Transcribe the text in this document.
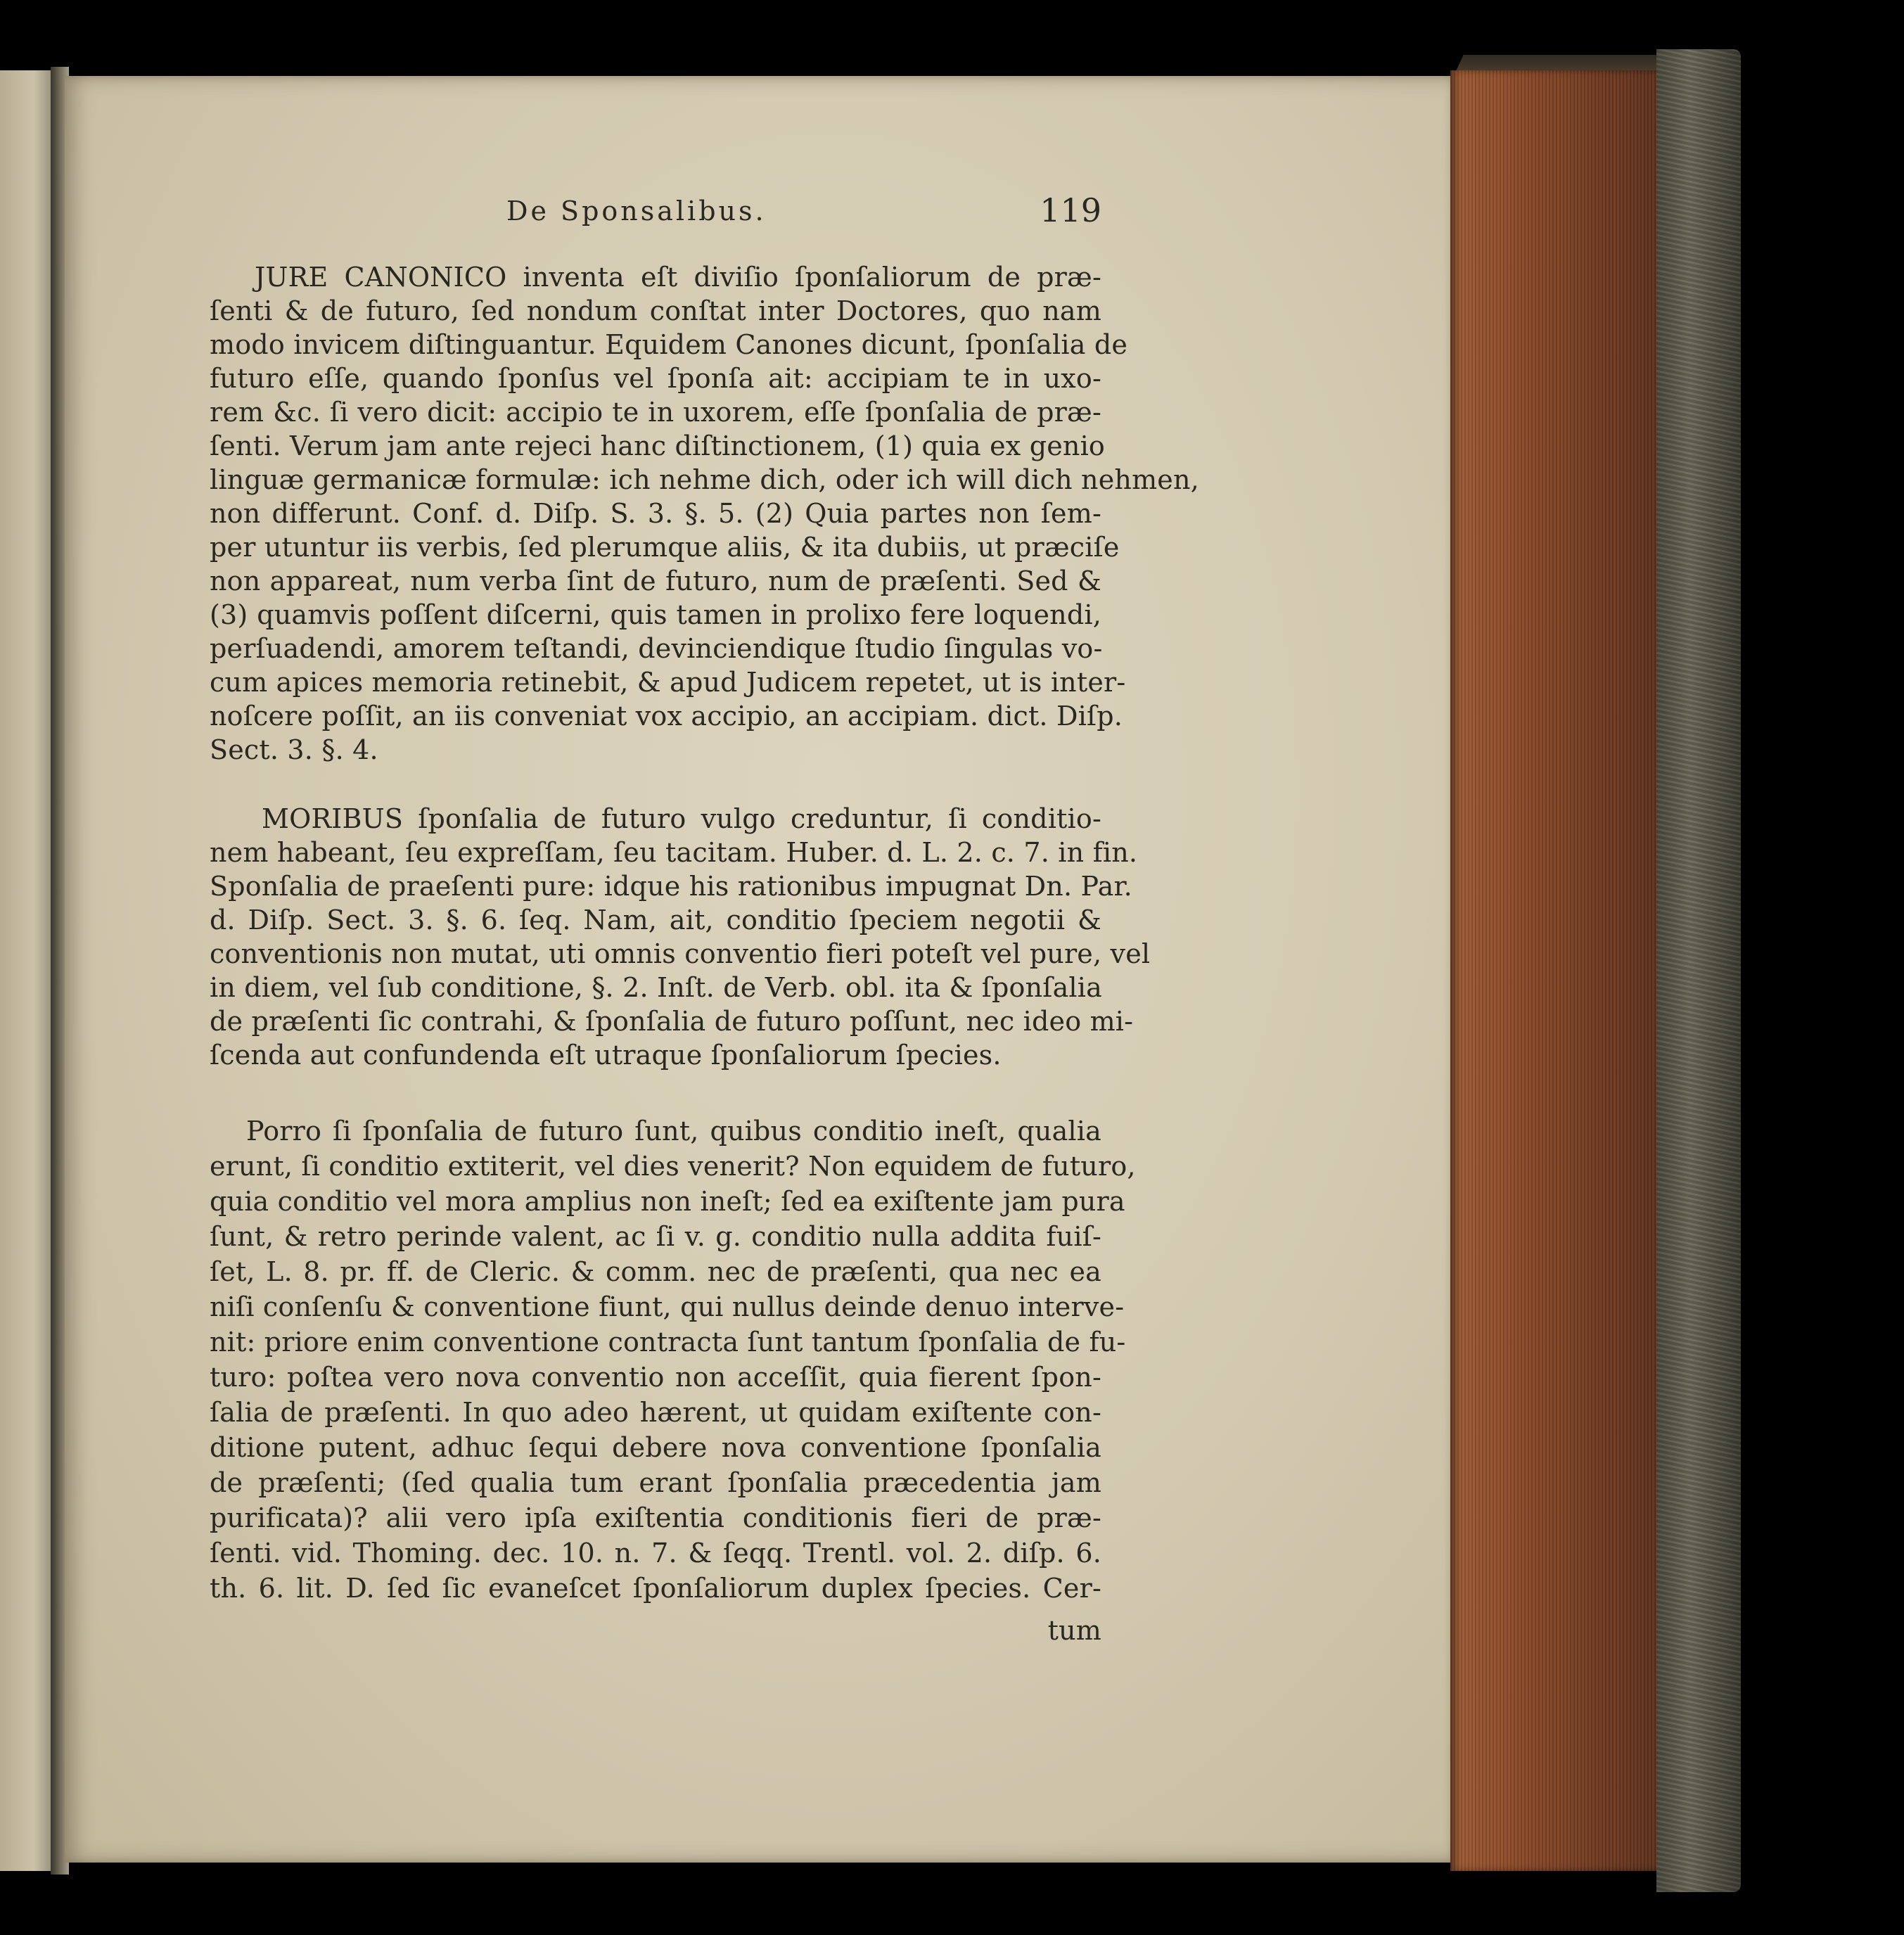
De Sponsalibus.	119
JURE CANONICO inventa eſt diviſio ſponſaliorum de præ-
ſenti & de futuro, ſed nondum conſtat inter Doctores, quo nam
modo invicem diſtinguantur. Equidem Canones dicunt, ſponſalia de
futuro eſſe, quando ſponſus vel ſponſa ait: accipiam te in uxo-
rem &c. ſi vero dicit: accipio te in uxorem, eſſe ſponſalia de præ-
ſenti. Verum jam ante rejeci hanc diſtinctionem, (1) quia ex genio
linguæ germanicæ formulæ: ich nehme dich, oder ich will dich nehmen,
non differunt. Conf. d. Diſp. S. 3. §. 5. (2) Quia partes non ſem-
per utuntur iis verbis, ſed plerumque aliis, & ita dubiis, ut præciſe
non appareat, num verba ſint de futuro, num de præſenti. Sed &
(3) quamvis poſſent diſcerni, quis tamen in prolixo fere loquendi,
perſuadendi, amorem teſtandi, devinciendique ſtudio ſingulas vo-
cum apices memoria retinebit, & apud Judicem repetet, ut is inter-
noſcere poſſit, an iis conveniat vox accipio, an accipiam. dict. Diſp.
Sect. 3. §. 4.
MORIBUS ſponſalia de futuro vulgo creduntur, ſi conditio-
nem habeant, ſeu expreſſam, ſeu tacitam. Huber. d. L. 2. c. 7. in fin.
Sponſalia de praeſenti pure: idque his rationibus impugnat Dn. Par.
d. Diſp. Sect. 3. §. 6. ſeq. Nam, ait, conditio ſpeciem negotii &
conventionis non mutat, uti omnis conventio fieri poteſt vel pure, vel
in diem, vel ſub conditione, §. 2. Inſt. de Verb. obl. ita & ſponſalia
de præſenti ſic contrahi, & ſponſalia de futuro poſſunt, nec ideo mi-
ſcenda aut confundenda eſt utraque ſponſaliorum ſpecies.
Porro ſi ſponſalia de futuro ſunt, quibus conditio ineſt, qualia
erunt, ſi conditio extiterit, vel dies venerit? Non equidem de futuro,
quia conditio vel mora amplius non ineſt; ſed ea exiſtente jam pura
ſunt, & retro perinde valent, ac ſi v. g. conditio nulla addita fuiſ-
ſet, L. 8. pr. ff. de Cleric. & comm. nec de præſenti, qua nec ea
niſi conſenſu & conventione fiunt, qui nullus deinde denuo interve-
nit: priore enim conventione contracta ſunt tantum ſponſalia de fu-
turo: poſtea vero nova conventio non acceſſit, quia fierent ſpon-
ſalia de præſenti. In quo adeo hærent, ut quidam exiſtente con-
ditione putent, adhuc ſequi debere nova conventione ſponſalia
de præſenti; (ſed qualia tum erant ſponſalia præcedentia jam
purificata)? alii vero ipſa exiſtentia conditionis fieri de præ-
ſenti. vid. Thoming. dec. 10. n. 7. & ſeqq. Trentl. vol. 2. diſp. 6.
th. 6. lit. D. ſed ſic evaneſcet ſponſaliorum duplex ſpecies. Cer-
tum
